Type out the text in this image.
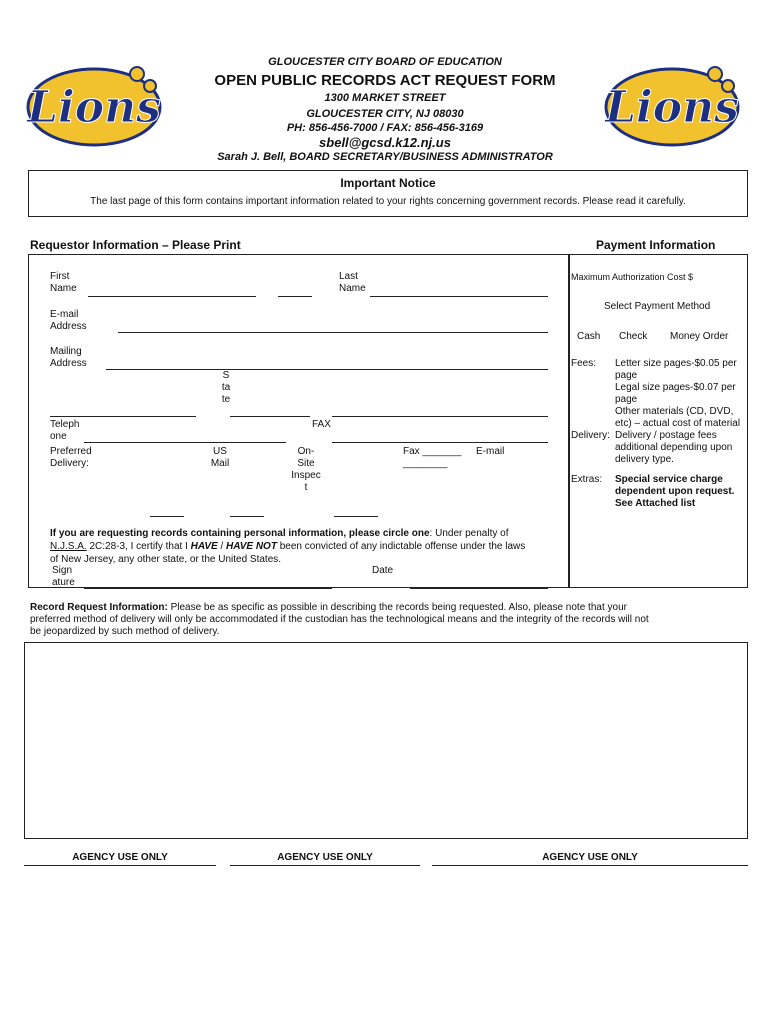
Lions	Lions
GLOUCESTER CITY BOARD OF EDUCATION
OPEN PUBLIC RECORDS ACT REQUEST FORM
1300 MARKET STREET
GLOUCESTER CITY, NJ 08030
PH: 856-456-7000 / FAX: 856-456-3169
sbell@gcsd.k12.nj.us
Sarah J. Bell, BOARD SECRETARY/BUSINESS ADMINISTRATOR
Important Notice
The last page of this form contains important information related to your rights concerning government records. Please read it carefully.
Requestor Information – Please Print	Payment Information
First
Name
Last
Name
E-mail
Address
Mailing
Address
S
ta
te
Teleph
one
FAX
Preferred
Delivery:
US
Mail
On-
Site
Inspec
t
Fax _______
________
E-mail
If you are requesting records containing personal information, please circle one: Under penalty of
N.J.S.A. 2C:28-3, I certify that I HAVE / HAVE NOT been convicted of any indictable offense under the laws
of New Jersey, any other state, or the United States.
Sign
ature
Date
Maximum Authorization Cost $
Select Payment Method
Cash Check Money Order
Fees: Letter size pages-$0.05 per
page
Legal size pages-$0.07 per
page
Other materials (CD, DVD,
etc) – actual cost of material
Delivery: Delivery / postage fees
additional depending upon
delivery type.
Extras: Special service charge
dependent upon request.
See Attached list
Record Request Information: Please be as specific as possible in describing the records being requested. Also, please note that your
preferred method of delivery will only be accommodated if the custodian has the technological means and the integrity of the records will not
be jeopardized by such method of delivery.
AGENCY USE ONLY	AGENCY USE ONLY	AGENCY USE ONLY
